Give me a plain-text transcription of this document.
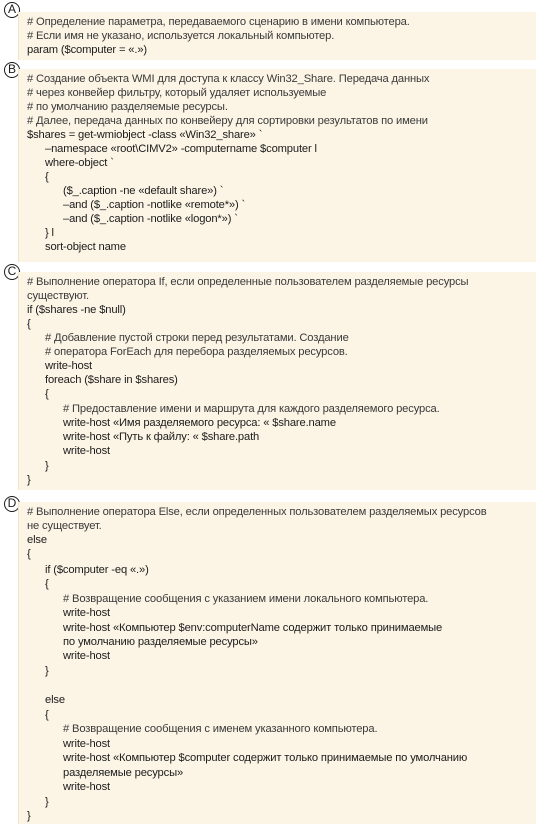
A
# Определение параметра, передаваемого сценарию в имени компьютера.
# Если имя не указано, используется локальный компьютер.
param ($computer = «.»)
B
# Создание объекта WMI для доступа к классу Win32_Share. Передача данных
# через конвейер фильтру, который удаляет используемые
# по умолчанию разделяемые ресурсы.
# Далее, передача данных по конвейеру для сортировки результатов по имени
$shares = get-wmiobject -class «Win32_share» `
–namespace «root\CIMV2» -computername $computer l
where-object `
{
($_.caption -ne «default share») `
–and ($_.caption -notlike «remote*») `
–and ($_.caption -notlike «logon*») `
} l
sort-object name
C
# Выполнение оператора If, если определенные пользователем разделяемые ресурсы
существуют.
if ($shares -ne $null)
{
# Добавление пустой строки перед результатами. Создание
# оператора ForEach для перебора разделяемых ресурсов.
write-host
foreach ($share in $shares)
{
# Предоставление имени и маршрута для каждого разделяемого ресурса.
write-host «Имя разделяемого ресурса: « $share.name
write-host «Путь к файлу: « $share.path
write-host
}
}
D
# Выполнение оператора Else, если определенных пользователем разделяемых ресурсов
не существует.
else
{
if ($computer -eq «.»)
{
# Возвращение сообщения с указанием имени локального компьютера.
write-host
write-host «Компьютер $env:computerName содержит только принимаемые
по умолчанию разделяемые ресурсы»
write-host
}
else
{
# Возвращение сообщения с именем указанного компьютера.
write-host
write-host «Компьютер $computer содержит только принимаемые по умолчанию
разделяемые ресурсы»
write-host
}
}
